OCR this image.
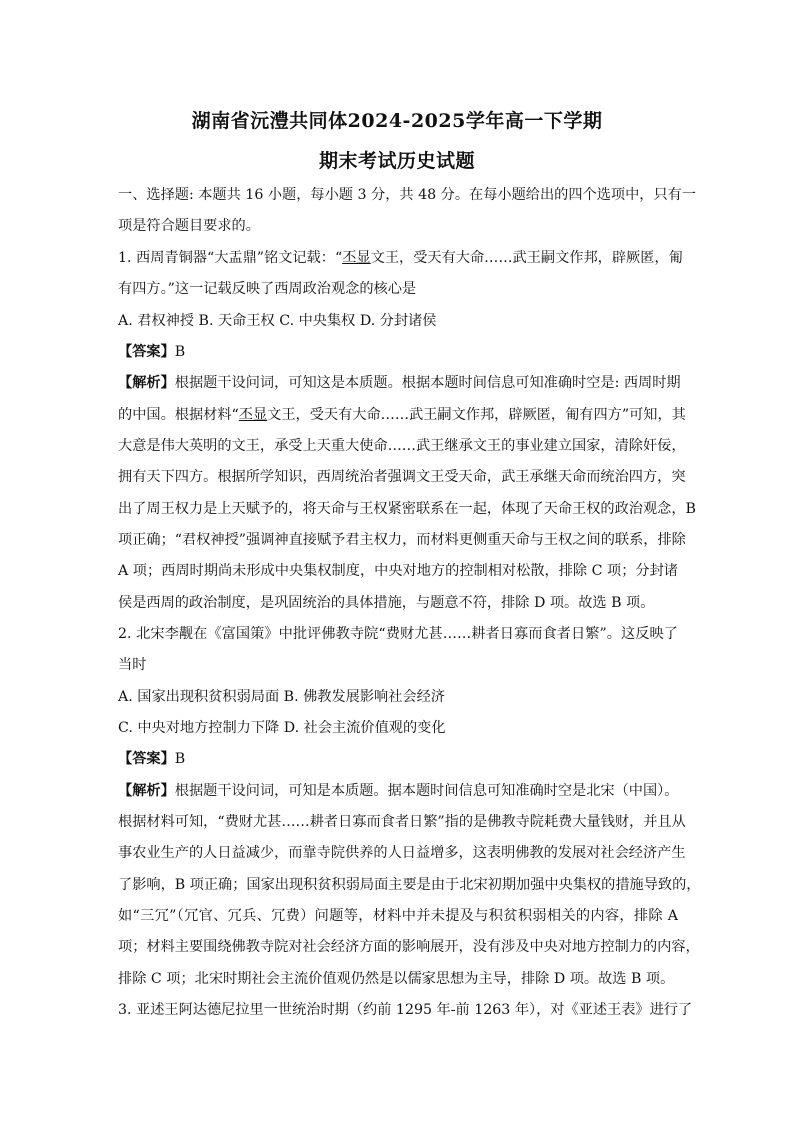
湖南省沅澧共同体2024-2025学年高一下学期
期末考试历史试题
一、选择题: 本题共 16 小题，每小题 3 分，共 48 分。在每小题给出的四个选项中，只有一
项是符合题目要求的。
1. 西周青铜器“大盂鼎”铭文记载：“丕显文王，受天有大命……武王嗣文作邦，辟厥匿，匍
有四方。”这一记载反映了西周政治观念的核心是
A. 君权神授 B. 天命王权 C. 中央集权 D. 分封诸侯
【答案】B
【解析】根据题干设问词，可知这是本质题。根据本题时间信息可知准确时空是: 西周时期
的中国。根据材料“丕显文王，受天有大命……武王嗣文作邦，辟厥匿，匍有四方”可知，其
大意是伟大英明的文王，承受上天重大使命……武王继承文王的事业建立国家，清除奸佞，
拥有天下四方。根据所学知识，西周统治者强调文王受天命，武王承继天命而统治四方，突
出了周王权力是上天赋予的，将天命与王权紧密联系在一起，体现了天命王权的政治观念，B
项正确；“君权神授”强调神直接赋予君主权力，而材料更侧重天命与王权之间的联系，排除
A 项；西周时期尚未形成中央集权制度，中央对地方的控制相对松散，排除 C 项；分封诸
侯是西周的政治制度，是巩固统治的具体措施，与题意不符，排除 D 项。故选 B 项。
2. 北宋李觏在《富国策》中批评佛教寺院“费财尤甚……耕者日寡而食者日繁”。这反映了
当时
A. 国家出现积贫积弱局面 B. 佛教发展影响社会经济
C. 中央对地方控制力下降 D. 社会主流价值观的变化
【答案】B
【解析】根据题干设问词，可知是本质题。据本题时间信息可知准确时空是北宋（中国）。
根据材料可知，“费财尤甚……耕者日寡而食者日繁”指的是佛教寺院耗费大量钱财，并且从
事农业生产的人日益减少，而靠寺院供养的人日益增多，这表明佛教的发展对社会经济产生
了影响，B 项正确；国家出现积贫积弱局面主要是由于北宋初期加强中央集权的措施导致的，
如“三冗”（冗官、冗兵、冗费）问题等，材料中并未提及与积贫积弱相关的内容，排除 A
项；材料主要围绕佛教寺院对社会经济方面的影响展开，没有涉及中央对地方控制力的内容，
排除 C 项；北宋时期社会主流价值观仍然是以儒家思想为主导，排除 D 项。故选 B 项。
3. 亚述王阿达德尼拉里一世统治时期（约前 1295 年-前 1263 年），对《亚述王表》进行了
